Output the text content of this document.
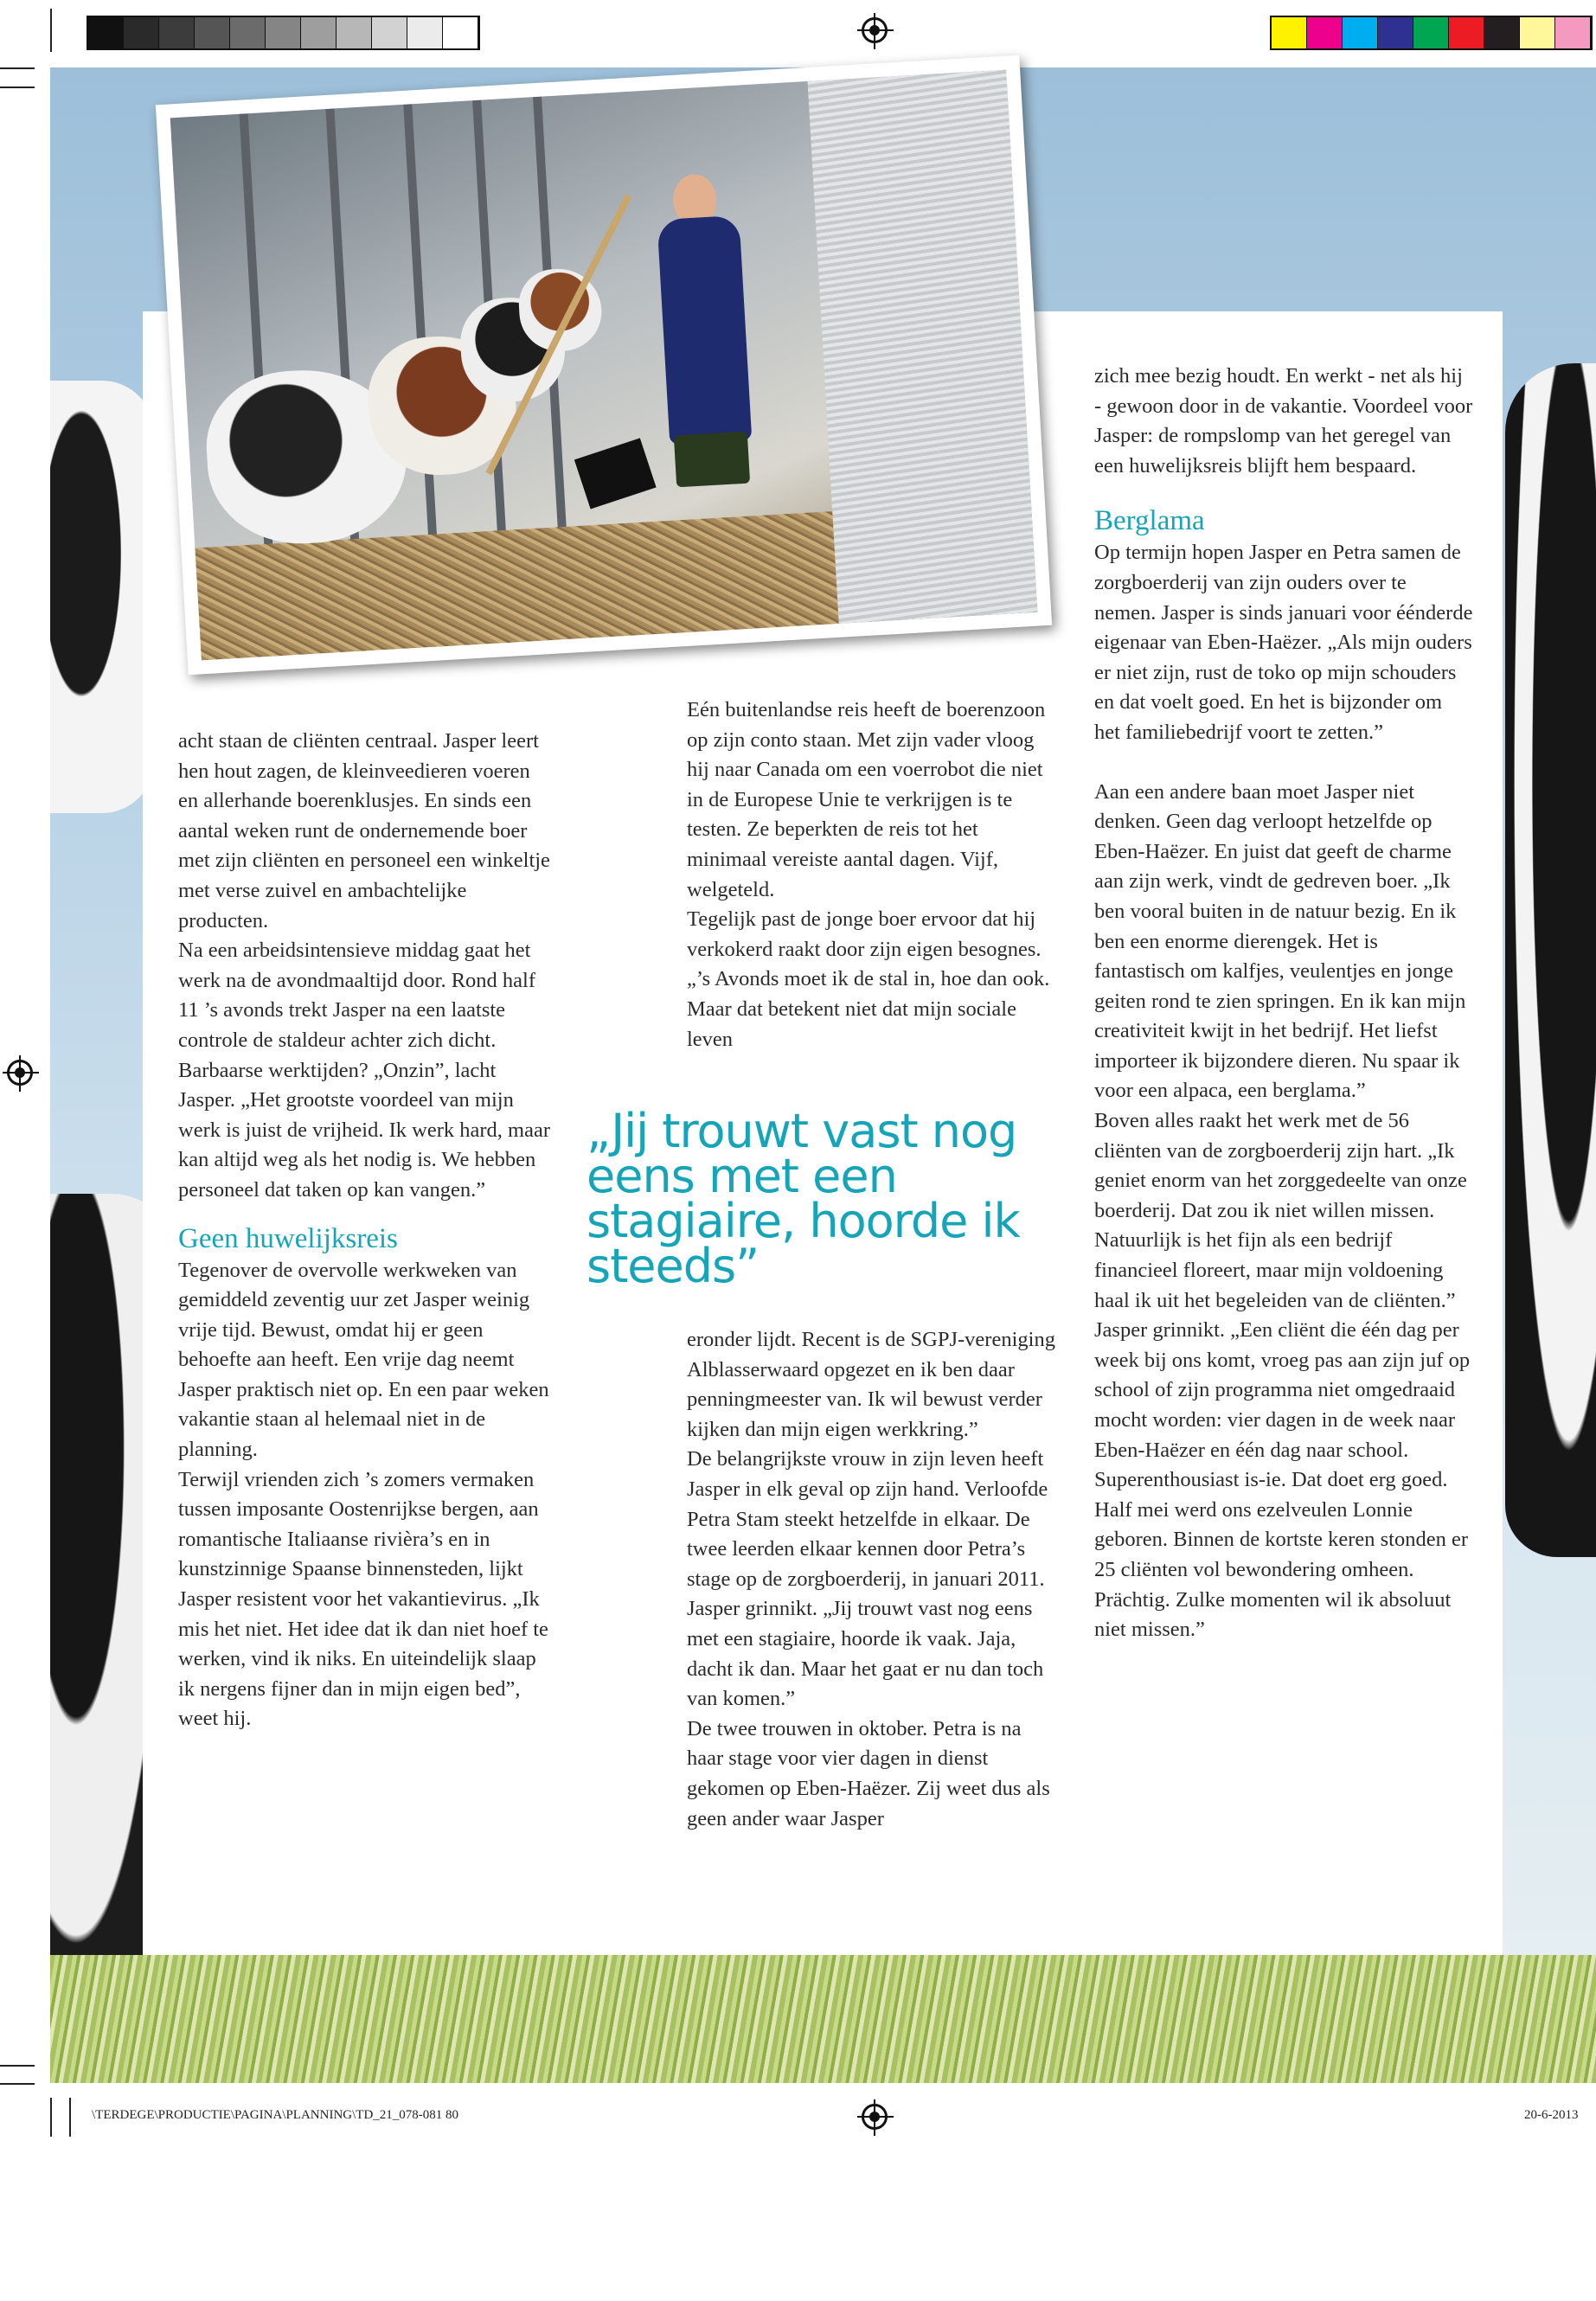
acht staan de cliënten centraal. Jasper leert hen hout zagen, de kleinveedieren voeren en allerhande boerenklusjes. En sinds een aantal weken runt de ondernemende boer met zijn cliënten en personeel een winkeltje met verse zuivel en ambachtelijke producten.

Na een arbeidsintensieve middag gaat het werk na de avondmaaltijd door. Rond half 11 ’s avonds trekt Jasper na een laatste controle de staldeur achter zich dicht. Barbaarse werktijden? „Onzin”, lacht Jasper. „Het grootste voordeel van mijn werk is juist de vrijheid. Ik werk hard, maar kan altijd weg als het nodig is. We hebben personeel dat taken op kan vangen.”

Geen huwelijksreis

Tegenover de overvolle werkweken van gemiddeld zeventig uur zet Jasper weinig vrije tijd. Bewust, omdat hij er geen behoefte aan heeft. Een vrije dag neemt Jasper praktisch niet op. En een paar weken vakantie staan al helemaal niet in de planning.

Terwijl vrienden zich ’s zomers vermaken tussen imposante Oostenrijkse bergen, aan romantische Italiaanse rivièra’s en in kunstzinnige Spaanse binnensteden, lijkt Jasper resistent voor het vakantievirus. „Ik mis het niet. Het idee dat ik dan niet hoef te werken, vind ik niks. En uiteindelijk slaap ik nergens fijner dan in mijn eigen bed”, weet hij.

Eén buitenlandse reis heeft de boerenzoon op zijn conto staan. Met zijn vader vloog hij naar Canada om een voerrobot die niet in de Europese Unie te verkrijgen is te testen. Ze beperkten de reis tot het minimaal vereiste aantal dagen. Vijf, welgeteld.

Tegelijk past de jonge boer ervoor dat hij verkokerd raakt door zijn eigen besognes. „’s Avonds moet ik de stal in, hoe dan ook. Maar dat betekent niet dat mijn sociale leven

„Jij trouwt vast nog eens met een stagiaire, hoorde ik steeds”

eronder lijdt. Recent is de SGPJ-vereniging Alblasserwaard opgezet en ik ben daar penningmeester van. Ik wil bewust verder kijken dan mijn eigen werkkring.”

De belangrijkste vrouw in zijn leven heeft Jasper in elk geval op zijn hand. Verloofde Petra Stam steekt hetzelfde in elkaar. De twee leerden elkaar kennen door Petra’s stage op de zorgboerderij, in januari 2011. Jasper grinnikt. „Jij trouwt vast nog eens met een stagiaire, hoorde ik vaak. Jaja, dacht ik dan. Maar het gaat er nu dan toch van komen.”

De twee trouwen in oktober. Petra is na haar stage voor vier dagen in dienst gekomen op Eben-Haëzer. Zij weet dus als geen ander waar Jasper

zich mee bezig houdt. En werkt - net als hij - gewoon door in de vakantie. Voordeel voor Jasper: de rompslomp van het geregel van een huwelijksreis blijft hem bespaard.

Berglama

Op termijn hopen Jasper en Petra samen de zorgboerderij van zijn ouders over te nemen. Jasper is sinds januari voor éénderde eigenaar van Eben-Haëzer. „Als mijn ouders er niet zijn, rust de toko op mijn schouders en dat voelt goed. En het is bijzonder om het familiebedrijf voort te zetten.”

Aan een andere baan moet Jasper niet denken. Geen dag verloopt hetzelfde op Eben-Haëzer. En juist dat geeft de charme aan zijn werk, vindt de gedreven boer. „Ik ben vooral buiten in de natuur bezig. En ik ben een enorme dierengek. Het is fantastisch om kalfjes, veulentjes en jonge geiten rond te zien springen. En ik kan mijn creativiteit kwijt in het bedrijf. Het liefst importeer ik bijzondere dieren. Nu spaar ik voor een alpaca, een berglama.”

Boven alles raakt het werk met de 56 cliënten van de zorgboerderij zijn hart. „Ik geniet enorm van het zorggedeelte van onze boerderij. Dat zou ik niet willen missen. Natuurlijk is het fijn als een bedrijf financieel floreert, maar mijn voldoening haal ik uit het begeleiden van de cliënten.”

Jasper grinnikt. „Een cliënt die één dag per week bij ons komt, vroeg pas aan zijn juf op school of zijn programma niet omgedraaid mocht worden: vier dagen in de week naar Eben-Haëzer en één dag naar school. Superenthousiast is-ie. Dat doet erg goed. Half mei werd ons ezelveulen Lonnie geboren. Binnen de kortste keren stonden er 25 cliënten vol bewondering omheen. Prächtig. Zulke momenten wil ik absoluut niet missen.”

\TERDEGE\PRODUCTIE\PAGINA\PLANNING\TD_21_078-081 80	20-6-2013
